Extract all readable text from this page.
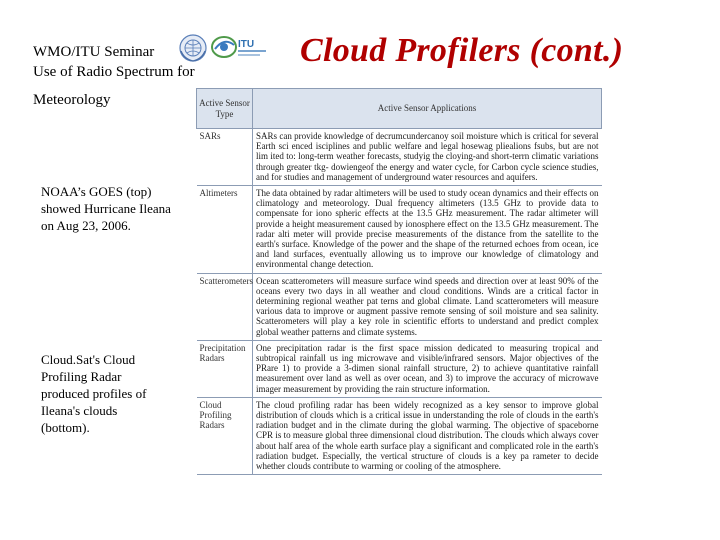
WMO/ITU Seminar
Use of Radio Spectrum for
Meteorology
ITU Cloud Profilers (cont.)
NOAA’s GOES (top) showed Hurricane Ileana on Aug 23, 2006.
Cloud.Sat's Cloud Profiling Radar produced profiles of Ileana's clouds (bottom).
Active Sensor Type	Active Sensor Applications
SARs	SARs can provide knowledge of decrumcundercanoy soil moisture which is critical for several Earth sci enced isciplines and public welfare and legal hosewag pliealions fsubs, but are not lim ited to: long-term weather forecasts, studyig the cloying-and short-terrn climatic variations through greater tkg- dowiengeof the energy and water cycle, for Carbon cycle science studies, and for studies and management of underground water resources and aquifers.
Altimeters	The data obtained by radar altimeters will be used to study ocean dynamics and their effects on climatology and meteorology. Dual frequency altimeters (13.5 GHz to provide data to compensate for iono spheric effects at the 13.5 GHz measurement. The radar altimeter will provide a height measurement caused by ionosphere effect on the 13.5 GHz measurement. The radar alti meter will provide precise measurements of the distance from the satellite to the earth's surface. Knowledge of the power and the shape of the returned echoes from ocean, ice and land surfaces, eventually allowing us to improve our knowledge of climatology and environmental change detection.
Scatterometers	Ocean scatterometers will measure surface wind speeds and direction over at least 90% of the oceans every two days in all weather and cloud conditions. Winds are a critical factor in determining regional weather pat terns and global climate. Land scatterometers will measure various data to improve or augment passive remote sensing of soil moisture and sea salinity. Scatterometers will play a key role in scientific efforts to understand and predict complex global weather patterns and climate systems.
Precipitation Radars	One precipitation radar is the first space mission dedicated to measuring tropical and subtropical rainfall us ing microwave and visible/infrared sensors. Major objectives of the PRare 1) to provide a 3-dimen sional rainfall structure, 2) to achieve quantitative rainfall measurement over land as well as over ocean, and 3) to improve the accuracy of microwave imager measurement by providing the rain structure information.
Cloud Profiling Radars	The cloud profiling radar has been widely recognized as a key sensor to improve global distribution of clouds which is a critical issue in understanding the role of clouds in the earth's radiation budget and in the climate during the global warming. The objective of spaceborne CPR is to measure global three dimensional cloud distribution. The clouds which always cover about half area of the whole earth surface play a significant and complicated role in the earth's radiation budget. Especially, the vertical structure of clouds is a key pa rameter to decide whether clouds contribute to warming or cooling of the atmosphere.
